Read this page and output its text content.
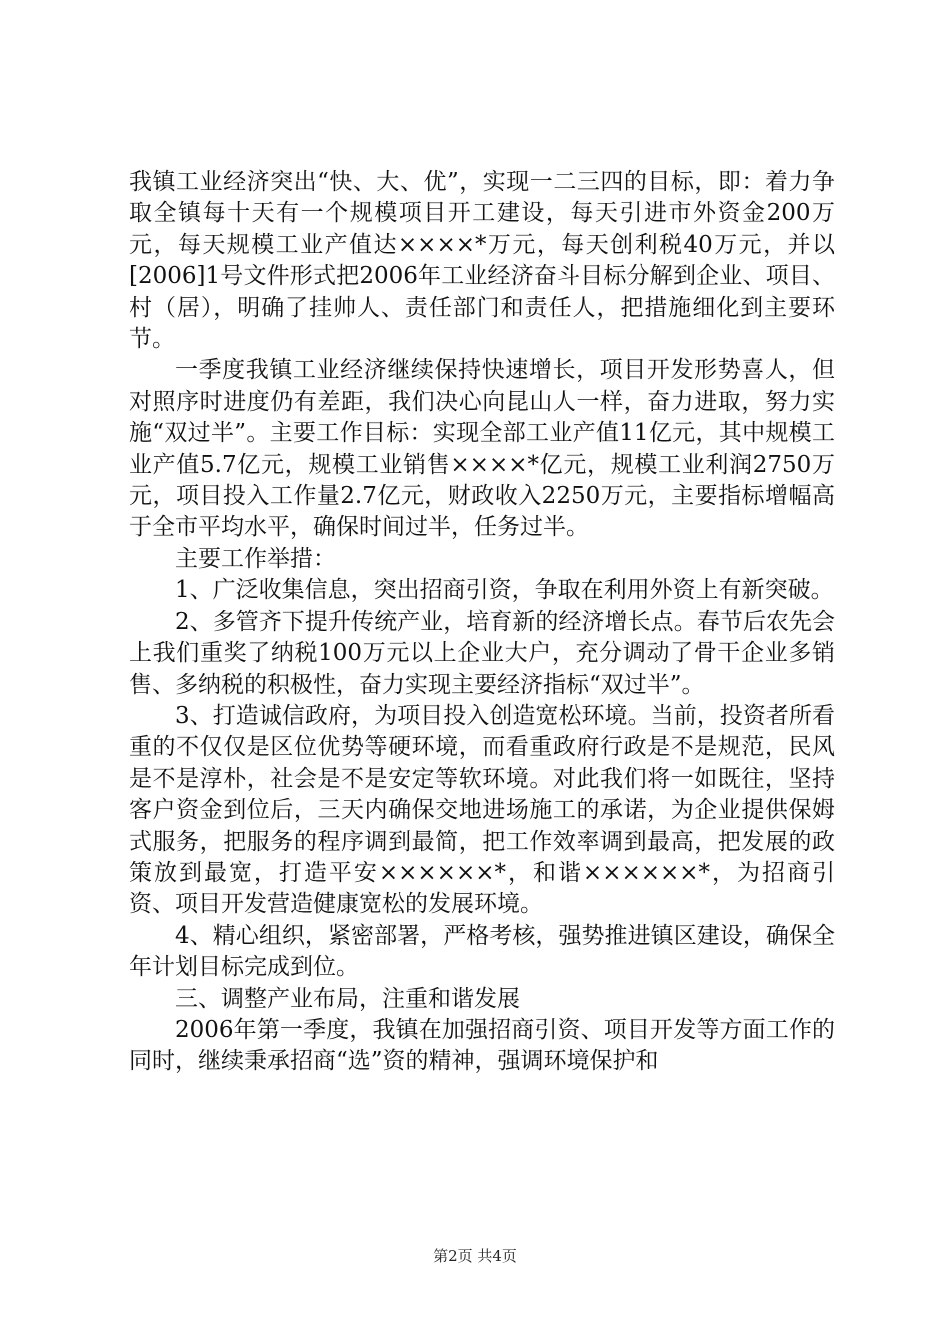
我镇工业经济突出“快、大、优”，实现一二三四的目标，即：着力争取全镇每十天有一个规模项目开工建设，每天引进市外资金200万元，每天规模工业产值达××××*万元，每天创利税40万元，并以[2006]1号文件形式把2006年工业经济奋斗目标分解到企业、项目、村（居），明确了挂帅人、责任部门和责任人，把措施细化到主要环节。

一季度我镇工业经济继续保持快速增长，项目开发形势喜人，但对照序时进度仍有差距，我们决心向昆山人一样，奋力进取，努力实施“双过半”。主要工作目标：实现全部工业产值11亿元，其中规模工业产值5.7亿元，规模工业销售××××*亿元，规模工业利润2750万元，项目投入工作量2.7亿元，财政收入2250万元，主要指标增幅高于全市平均水平，确保时间过半，任务过半。

主要工作举措：

1、广泛收集信息，突出招商引资，争取在利用外资上有新突破。

2、多管齐下提升传统产业，培育新的经济增长点。春节后农先会上我们重奖了纳税100万元以上企业大户，充分调动了骨干企业多销售、多纳税的积极性，奋力实现主要经济指标“双过半”。

3、打造诚信政府，为项目投入创造宽松环境。当前，投资者所看重的不仅仅是区位优势等硬环境，而看重政府行政是不是规范，民风是不是淳朴，社会是不是安定等软环境。对此我们将一如既往，坚持客户资金到位后，三天内确保交地进场施工的承诺，为企业提供保姆式服务，把服务的程序调到最简，把工作效率调到最高，把发展的政策放到最宽，打造平安××××××*，和谐××××××*，为招商引资、项目开发营造健康宽松的发展环境。

4、精心组织，紧密部署，严格考核，强势推进镇区建设，确保全年计划目标完成到位。

三、调整产业布局，注重和谐发展

2006年第一季度，我镇在加强招商引资、项目开发等方面工作的同时，继续秉承招商“选”资的精神，强调环境保护和

第2页 共4页
